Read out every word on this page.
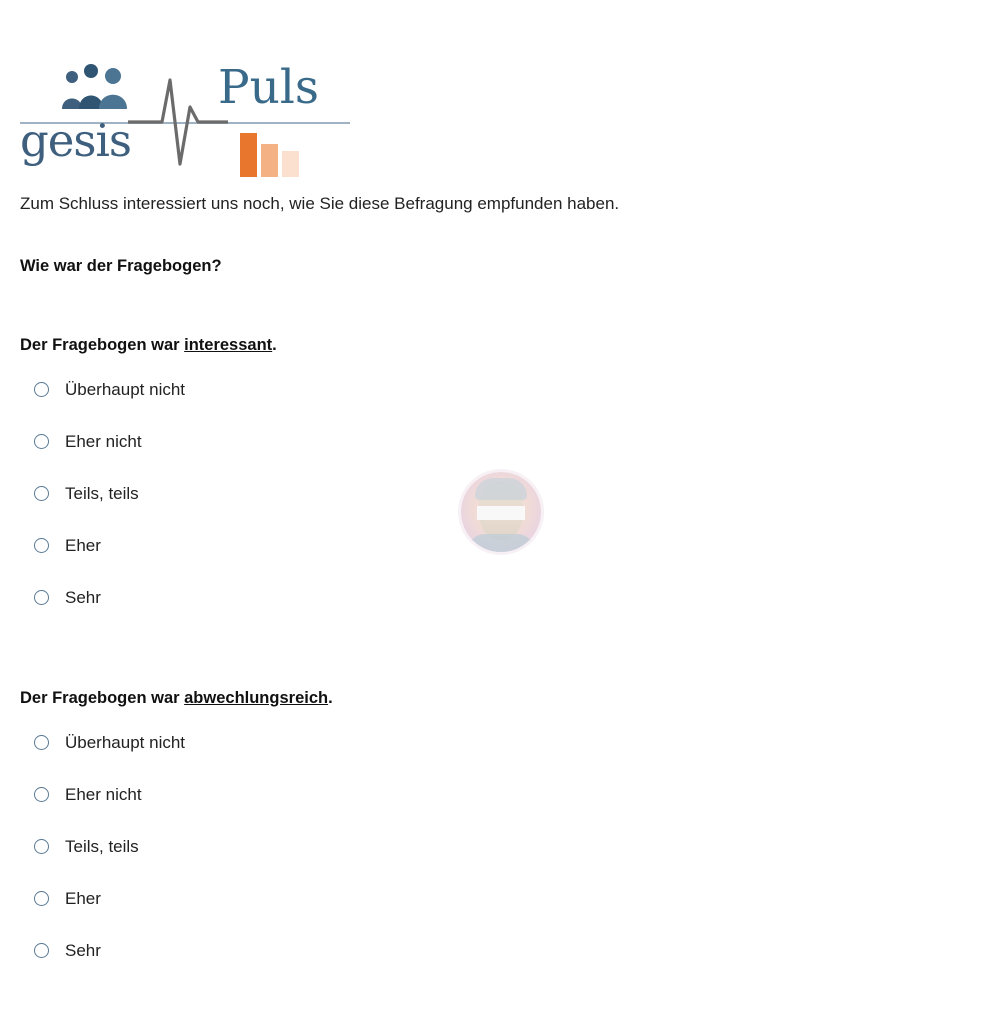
Puls
gesis
Zum Schluss interessiert uns noch, wie Sie diese Befragung empfunden haben.
Wie war der Fragebogen?
Der Fragebogen war interessant.
Überhaupt nicht
Eher nicht
Teils, teils
Eher
Sehr
Der Fragebogen war abwechlungsreich.
Überhaupt nicht
Eher nicht
Teils, teils
Eher
Sehr
